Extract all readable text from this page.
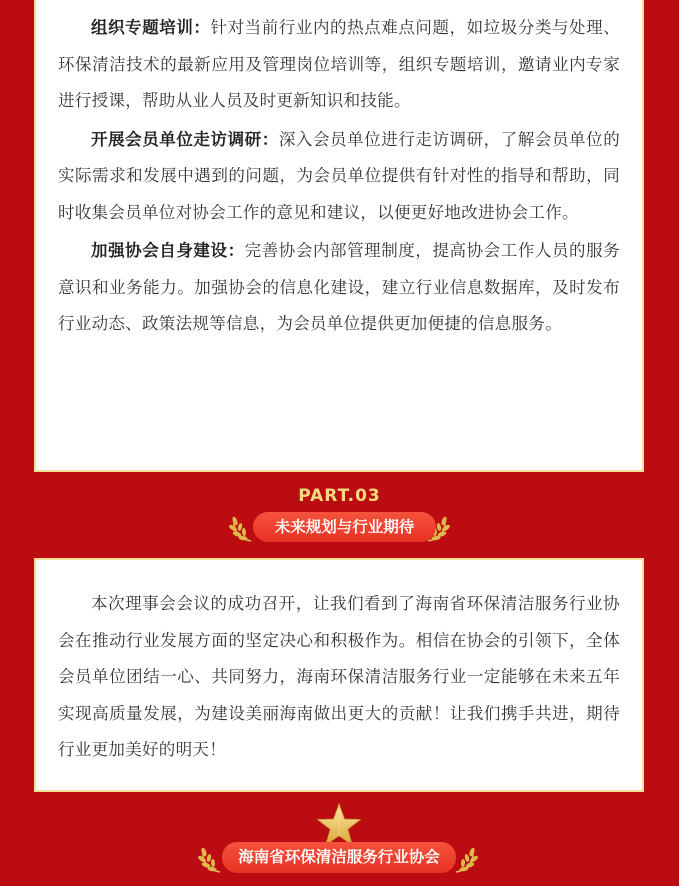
组织专题培训：针对当前行业内的热点难点问题，如垃圾分类与处理、环保清洁技术的最新应用及管理岗位培训等，组织专题培训，邀请业内专家进行授课，帮助从业人员及时更新知识和技能。

开展会员单位走访调研：深入会员单位进行走访调研，了解会员单位的实际需求和发展中遇到的问题，为会员单位提供有针对性的指导和帮助，同时收集会员单位对协会工作的意见和建议，以便更好地改进协会工作。

加强协会自身建设：完善协会内部管理制度，提高协会工作人员的服务意识和业务能力。加强协会的信息化建设，建立行业信息数据库，及时发布行业动态、政策法规等信息，为会员单位提供更加便捷的信息服务。

PART.03
未来规划与行业期待

本次理事会会议的成功召开，让我们看到了海南省环保清洁服务行业协会在推动行业发展方面的坚定决心和积极作为。相信在协会的引领下，全体会员单位团结一心、共同努力，海南环保清洁服务行业一定能够在未来五年实现高质量发展，为建设美丽海南做出更大的贡献！让我们携手共进，期待行业更加美好的明天！

海南省环保清洁服务行业协会
